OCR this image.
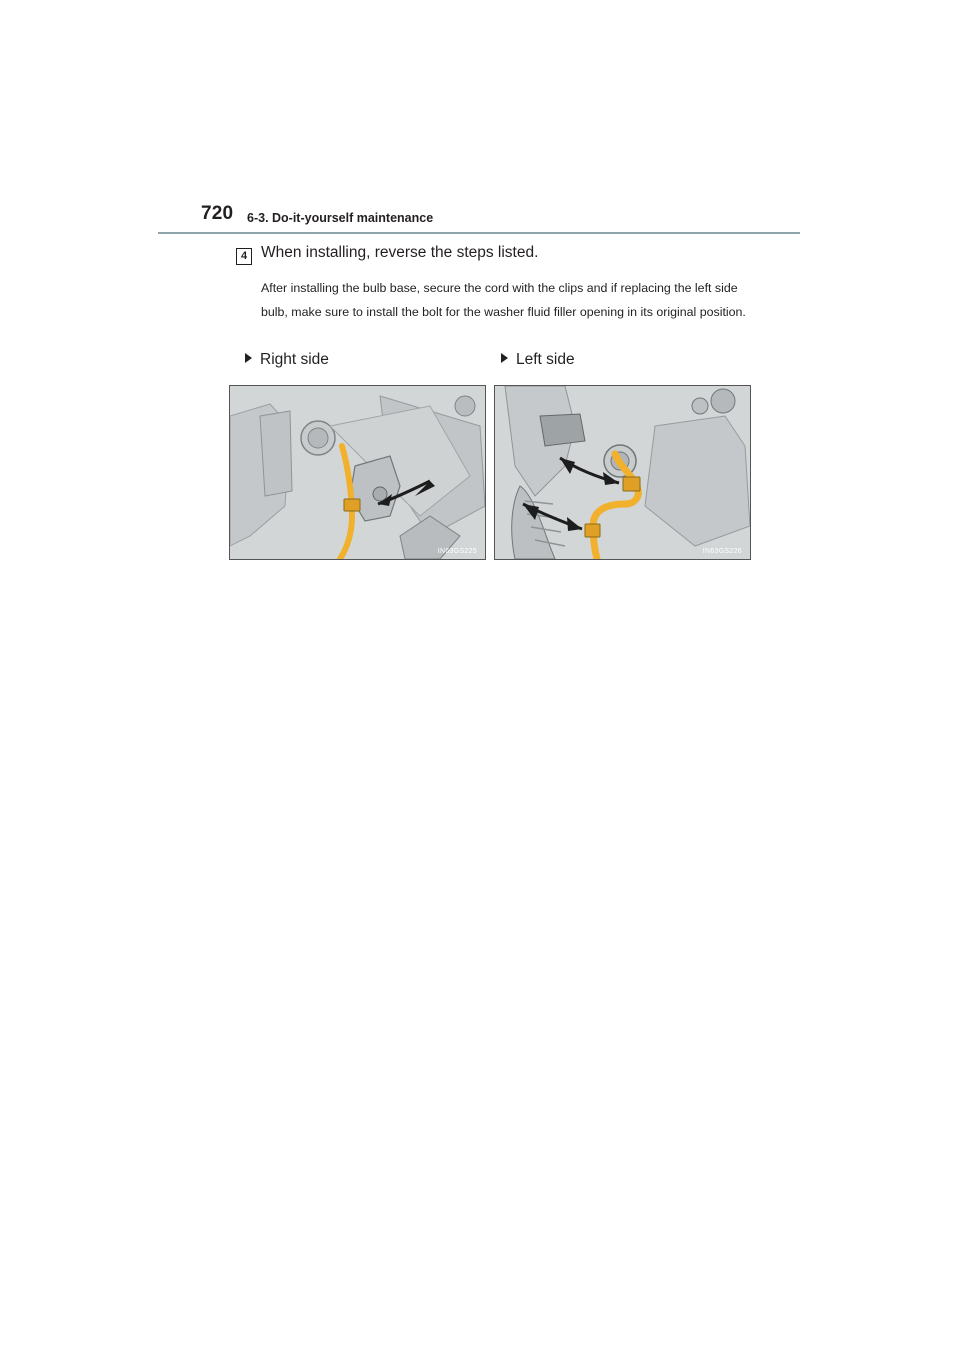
720 6-3. Do-it-yourself maintenance
4 When installing, reverse the steps listed.
After installing the bulb base, secure the cord with the clips and if replacing the left side bulb, make sure to install the bolt for the washer fluid filler opening in its original position.
Right side	Left side
IN63GS225	IN63GS226
